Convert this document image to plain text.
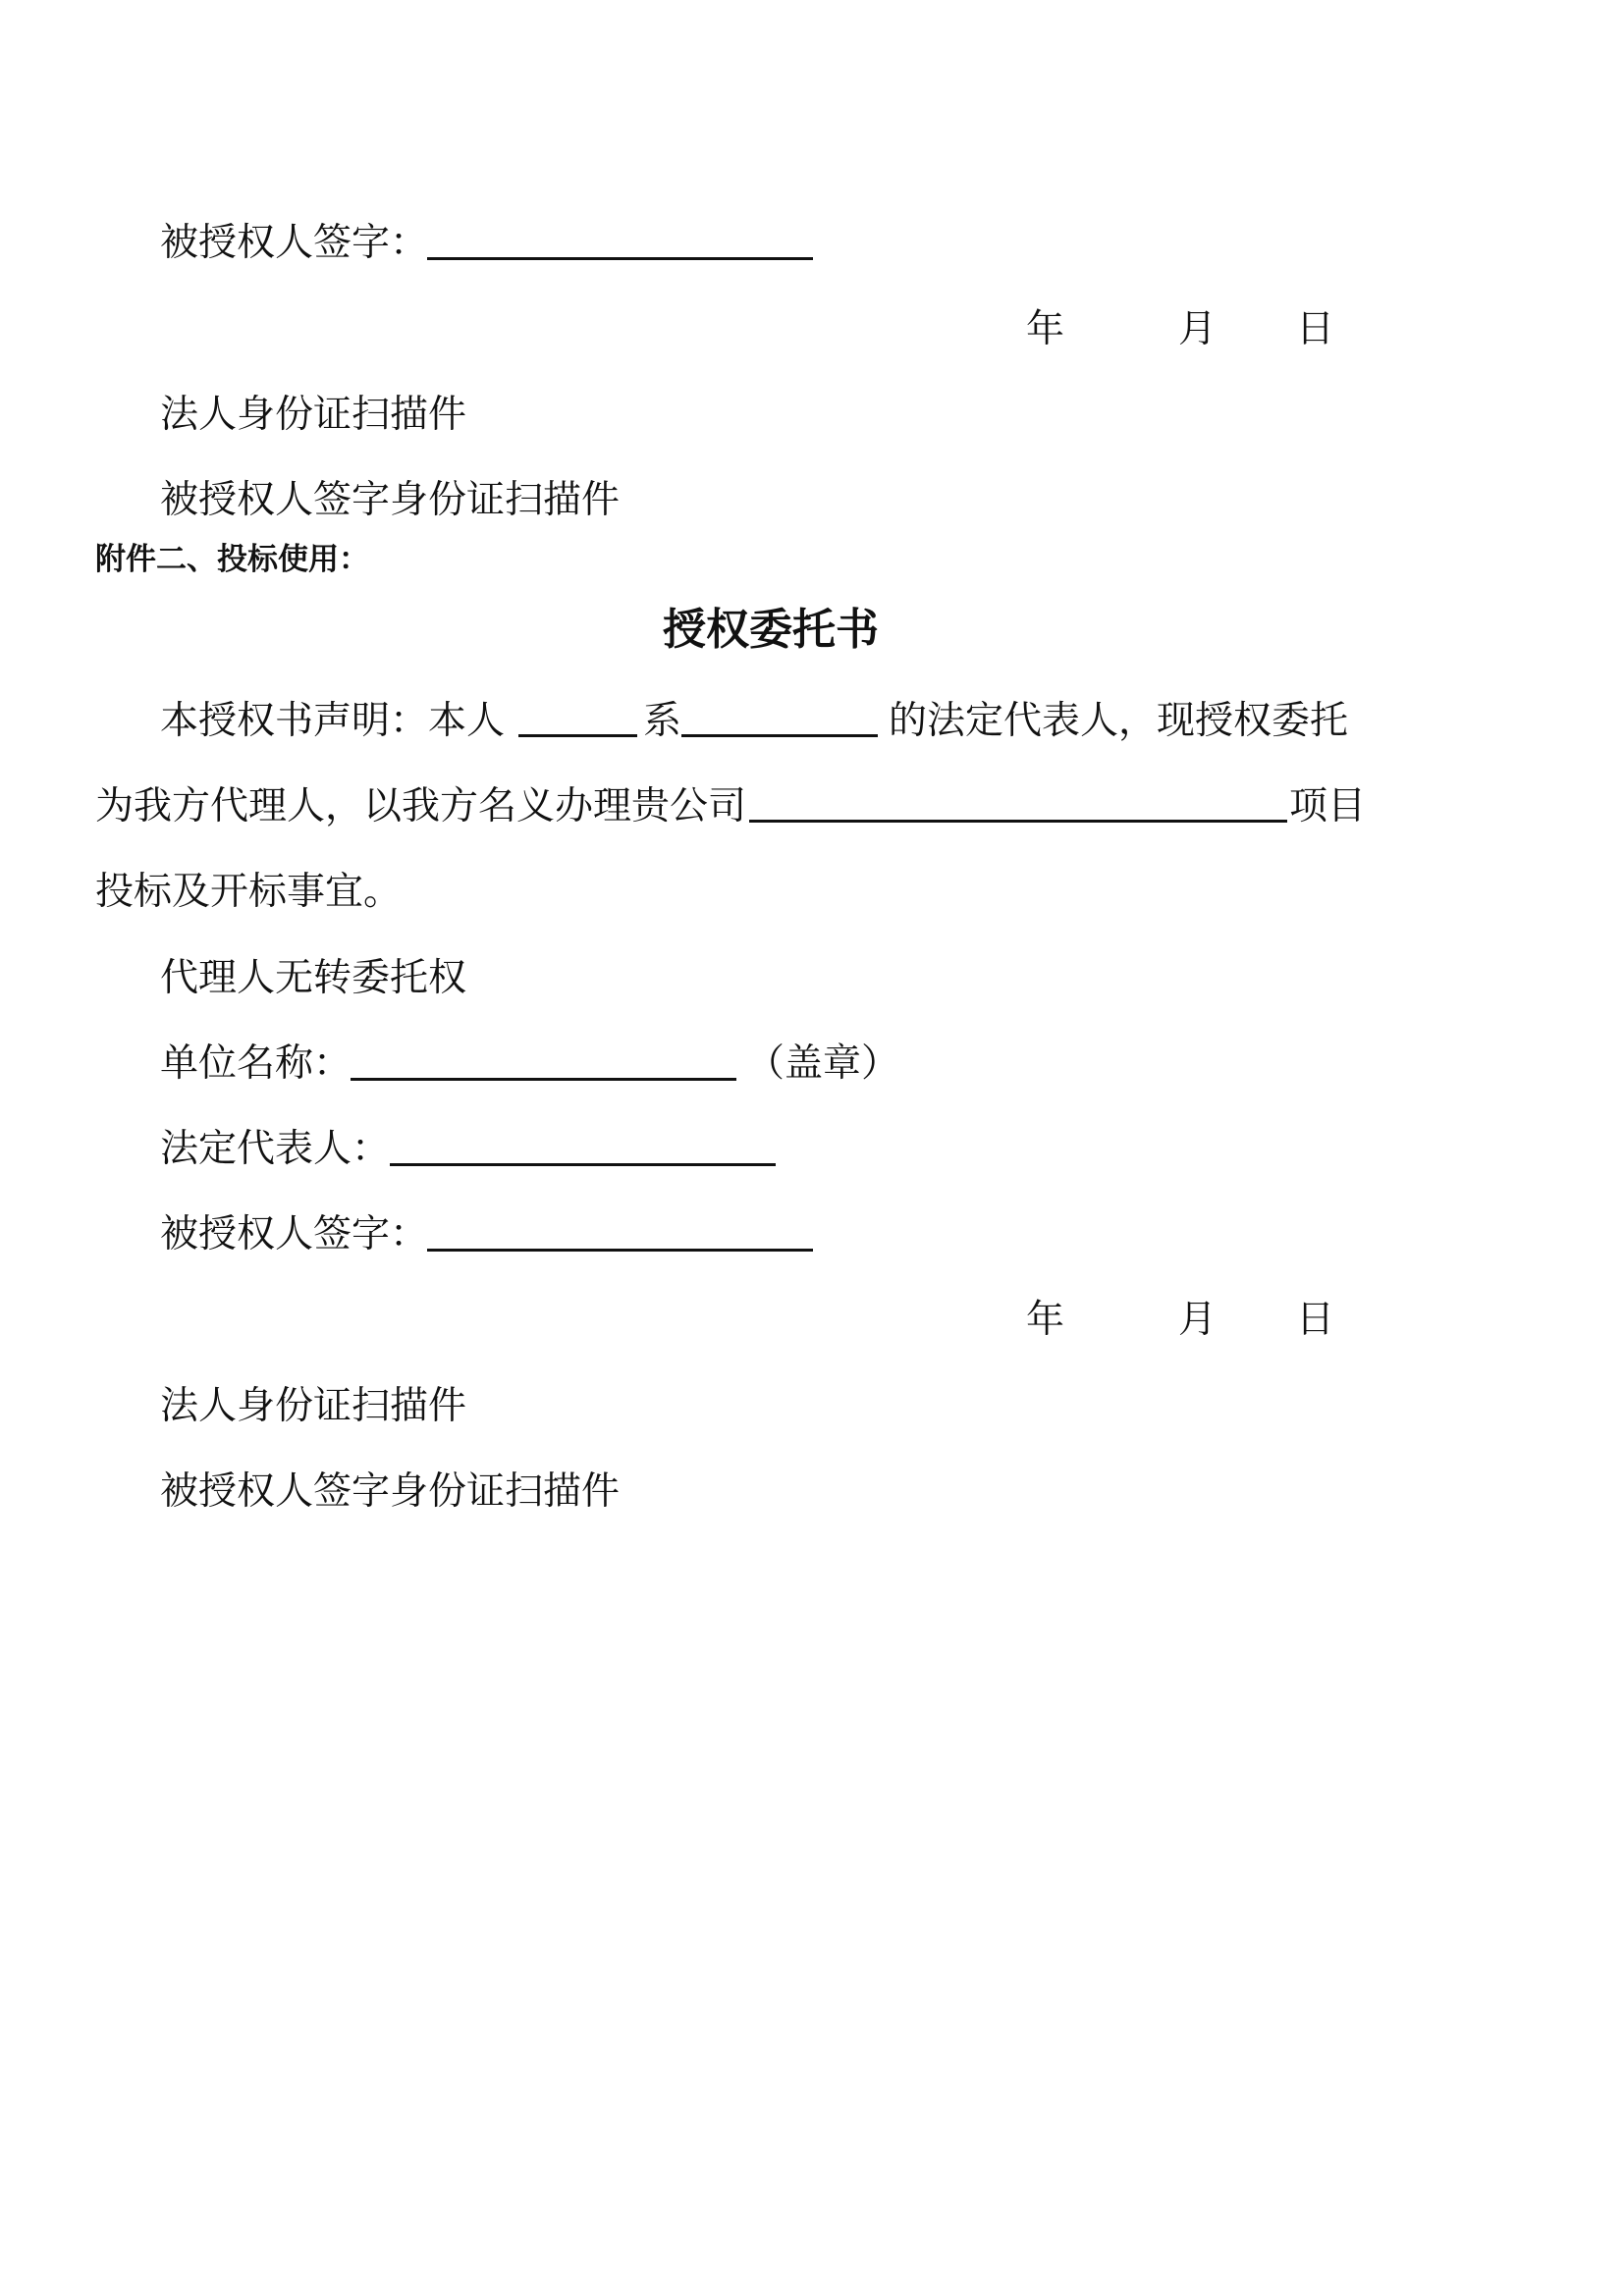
被授权人签字：
年	月 日
法人身份证扫描件
被授权人签字身份证扫描件
附件二、投标使用：
授权委托书
本授权书声明：本人	系	的法定代表人，现授权委托
为我方代理人，以我方名义办理贵公司	项目
投标及开标事宜。
代理人无转委托权
单位名称：	（盖章）
法定代表人：
被授权人签字：
年	月 日
法人身份证扫描件
被授权人签字身份证扫描件
